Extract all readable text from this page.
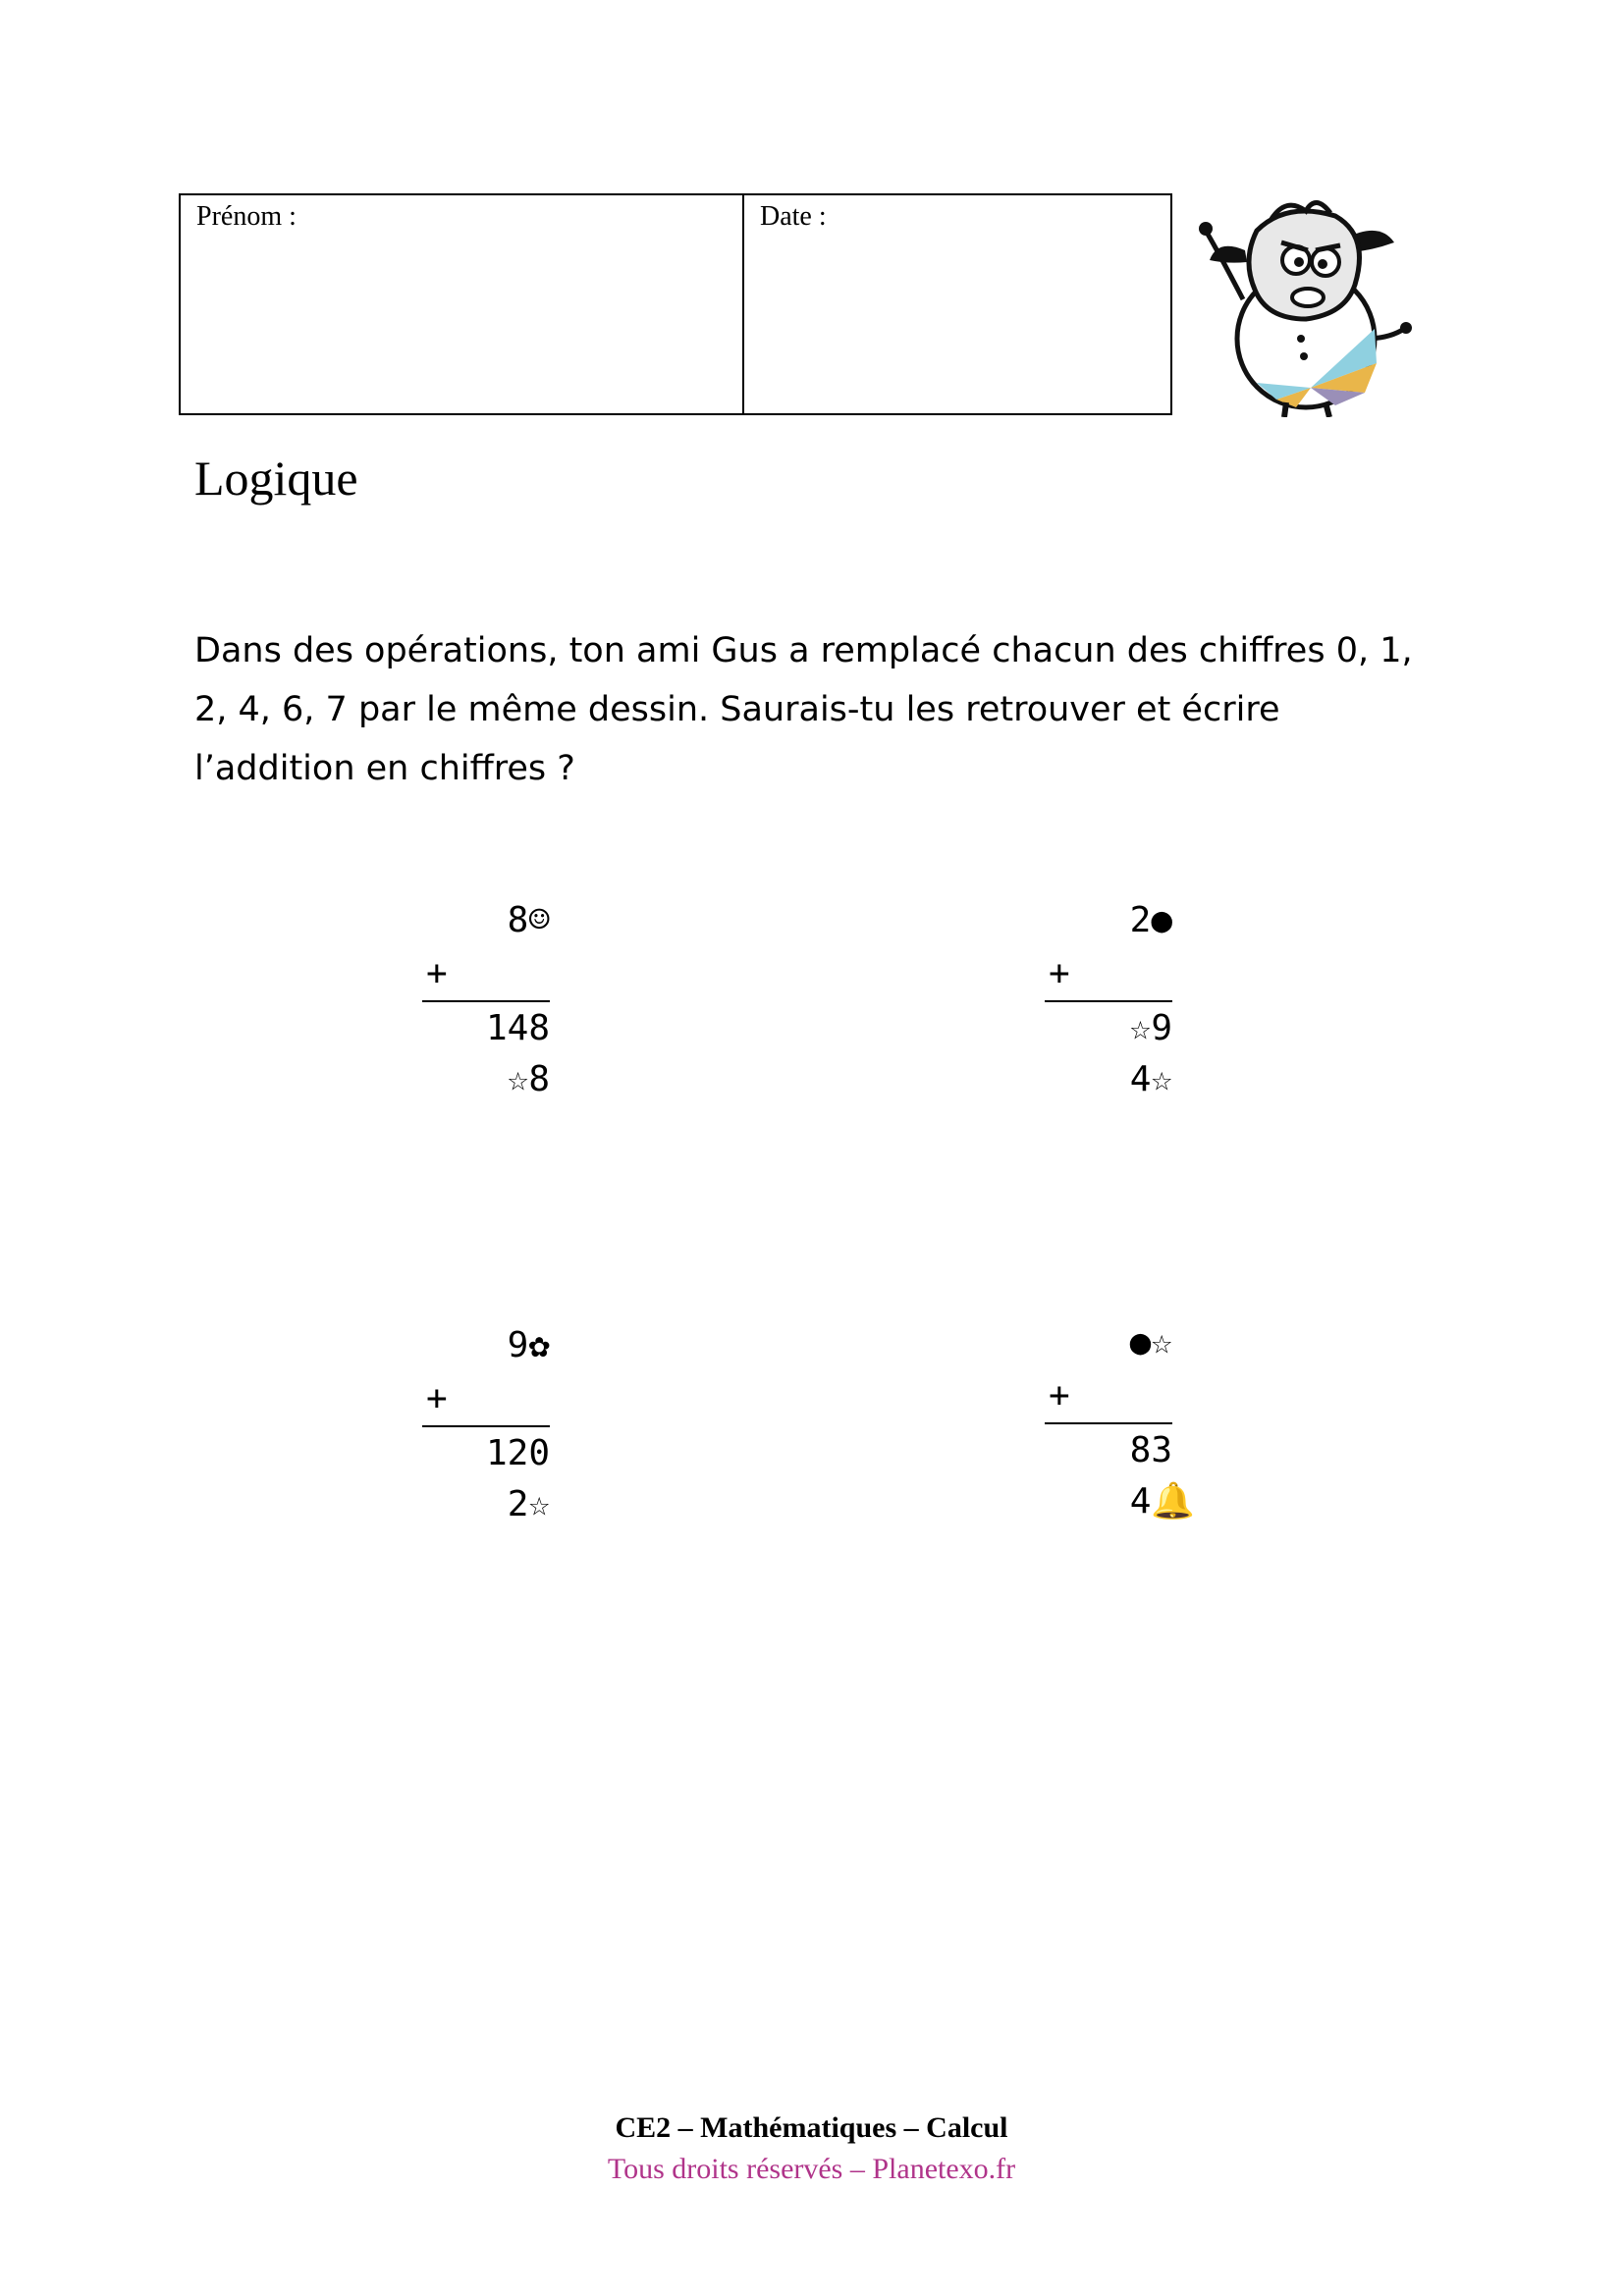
Prénom :	Date :
Logique
Dans des opérations, ton ami Gus a remplacé chacun des chiffres 0, 1,
2, 4, 6, 7 par le même dessin. Saurais-tu les retrouver et écrire
l’addition en chiffres ?
8☺

+

☆8

148
2●

+

4☆

☆9
9✿

+

2☆

120
●☆

+

4🔔

83
CE2 – Mathématiques – Calcul
Tous droits réservés – Planetexo.fr
